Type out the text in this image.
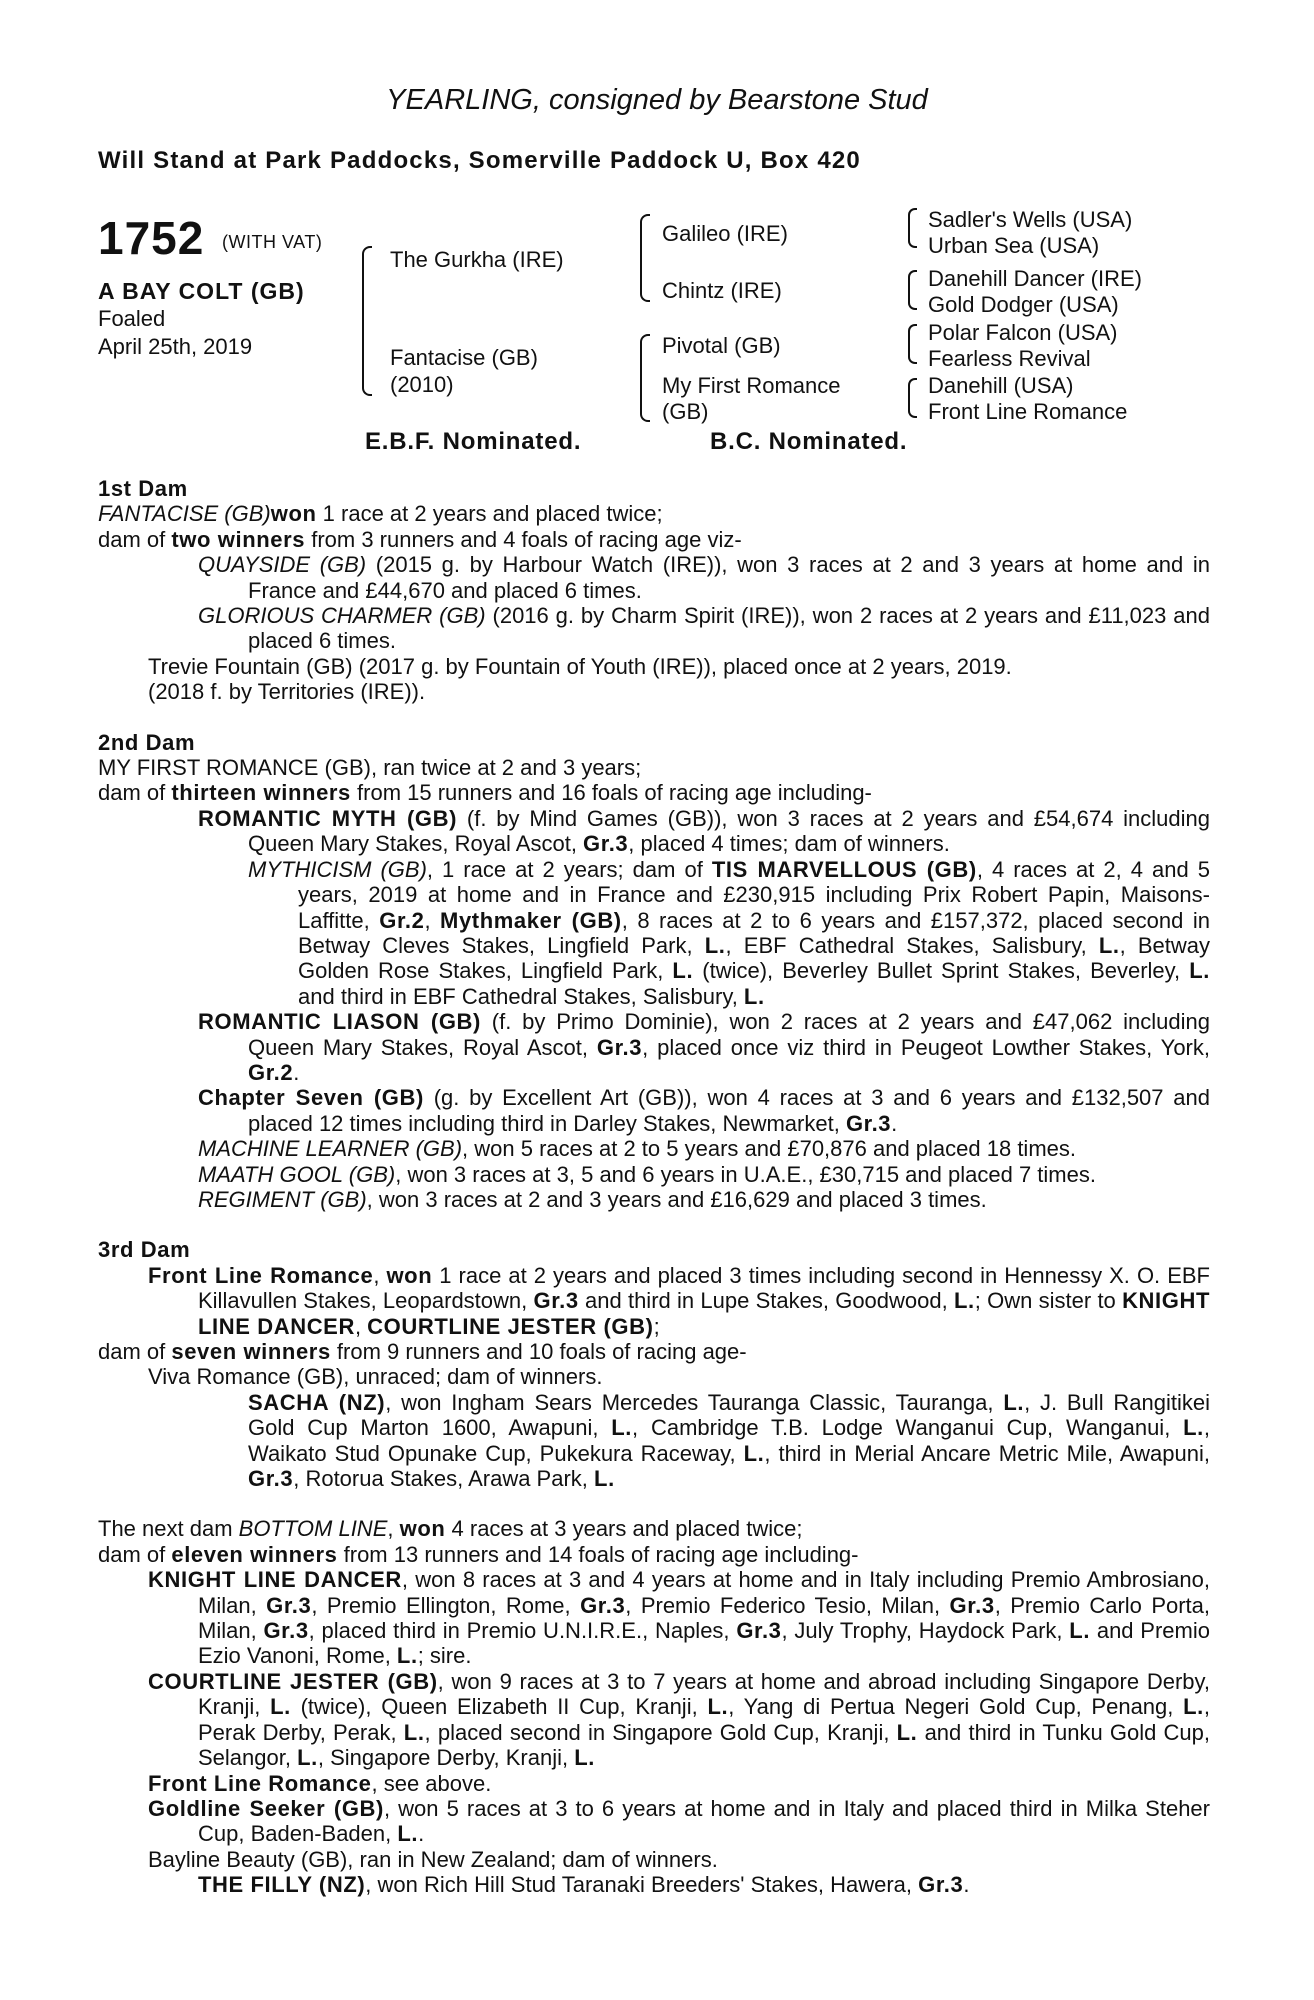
YEARLING, consigned by Bearstone Stud
Will Stand at Park Paddocks, Somerville Paddock U, Box 420
1752 (WITH VAT)
A BAY COLT (GB)
Foaled
April 25th, 2019
The Gurkha (IRE)
Fantacise (GB)
(2010)
Galileo (IRE)
Chintz (IRE)
Pivotal (GB)
My First Romance
(GB)
Sadler's Wells (USA)
Urban Sea (USA)
Danehill Dancer (IRE)
Gold Dodger (USA)
Polar Falcon (USA)
Fearless Revival
Danehill (USA)
Front Line Romance
E.B.F. Nominated.	B.C. Nominated.

1st Dam

FANTACISE (GB)won 1 race at 2 years and placed twice;

dam of two winners from 3 runners and 4 foals of racing age viz-

QUAYSIDE (GB) (2015 g. by Harbour Watch (IRE)), won 3 races at 2 and 3 years at home and in France and £44,670 and placed 6 times.

GLORIOUS CHARMER (GB) (2016 g. by Charm Spirit (IRE)), won 2 races at 2 years and £11,023 and placed 6 times.

Trevie Fountain (GB) (2017 g. by Fountain of Youth (IRE)), placed once at 2 years, 2019.

(2018 f. by Territories (IRE)).

2nd Dam

MY FIRST ROMANCE (GB), ran twice at 2 and 3 years;

dam of thirteen winners from 15 runners and 16 foals of racing age including-

ROMANTIC MYTH (GB) (f. by Mind Games (GB)), won 3 races at 2 years and £54,674 including Queen Mary Stakes, Royal Ascot, Gr.3, placed 4 times; dam of winners.

MYTHICISM (GB), 1 race at 2 years; dam of TIS MARVELLOUS (GB), 4 races at 2, 4 and 5 years, 2019 at home and in France and £230,915 including Prix Robert Papin, Maisons-Laffitte, Gr.2, Mythmaker (GB), 8 races at 2 to 6 years and £157,372, placed second in Betway Cleves Stakes, Lingfield Park, L., EBF Cathedral Stakes, Salisbury, L., Betway Golden Rose Stakes, Lingfield Park, L. (twice), Beverley Bullet Sprint Stakes, Beverley, L. and third in EBF Cathedral Stakes, Salisbury, L.

ROMANTIC LIASON (GB) (f. by Primo Dominie), won 2 races at 2 years and £47,062 including Queen Mary Stakes, Royal Ascot, Gr.3, placed once viz third in Peugeot Lowther Stakes, York, Gr.2.

Chapter Seven (GB) (g. by Excellent Art (GB)), won 4 races at 3 and 6 years and £132,507 and placed 12 times including third in Darley Stakes, Newmarket, Gr.3.

MACHINE LEARNER (GB), won 5 races at 2 to 5 years and £70,876 and placed 18 times.

MAATH GOOL (GB), won 3 races at 3, 5 and 6 years in U.A.E., £30,715 and placed 7 times.

REGIMENT (GB), won 3 races at 2 and 3 years and £16,629 and placed 3 times.

3rd Dam

Front Line Romance, won 1 race at 2 years and placed 3 times including second in Hennessy X. O. EBF Killavullen Stakes, Leopardstown, Gr.3 and third in Lupe Stakes, Goodwood, L.; Own sister to KNIGHT LINE DANCER, COURTLINE JESTER (GB);

dam of seven winners from 9 runners and 10 foals of racing age-

Viva Romance (GB), unraced; dam of winners.

SACHA (NZ), won Ingham Sears Mercedes Tauranga Classic, Tauranga, L., J. Bull Rangitikei Gold Cup Marton 1600, Awapuni, L., Cambridge T.B. Lodge Wanganui Cup, Wanganui, L., Waikato Stud Opunake Cup, Pukekura Raceway, L., third in Merial Ancare Metric Mile, Awapuni, Gr.3, Rotorua Stakes, Arawa Park, L.

The next dam BOTTOM LINE, won 4 races at 3 years and placed twice;

dam of eleven winners from 13 runners and 14 foals of racing age including-

KNIGHT LINE DANCER, won 8 races at 3 and 4 years at home and in Italy including Premio Ambrosiano, Milan, Gr.3, Premio Ellington, Rome, Gr.3, Premio Federico Tesio, Milan, Gr.3, Premio Carlo Porta, Milan, Gr.3, placed third in Premio U.N.I.R.E., Naples, Gr.3, July Trophy, Haydock Park, L. and Premio Ezio Vanoni, Rome, L.; sire.

COURTLINE JESTER (GB), won 9 races at 3 to 7 years at home and abroad including Singapore Derby, Kranji, L. (twice), Queen Elizabeth II Cup, Kranji, L., Yang di Pertua Negeri Gold Cup, Penang, L., Perak Derby, Perak, L., placed second in Singapore Gold Cup, Kranji, L. and third in Tunku Gold Cup, Selangor, L., Singapore Derby, Kranji, L.

Front Line Romance, see above.

Goldline Seeker (GB), won 5 races at 3 to 6 years at home and in Italy and placed third in Milka Steher Cup, Baden-Baden, L..

Bayline Beauty (GB), ran in New Zealand; dam of winners.

THE FILLY (NZ), won Rich Hill Stud Taranaki Breeders' Stakes, Hawera, Gr.3.
